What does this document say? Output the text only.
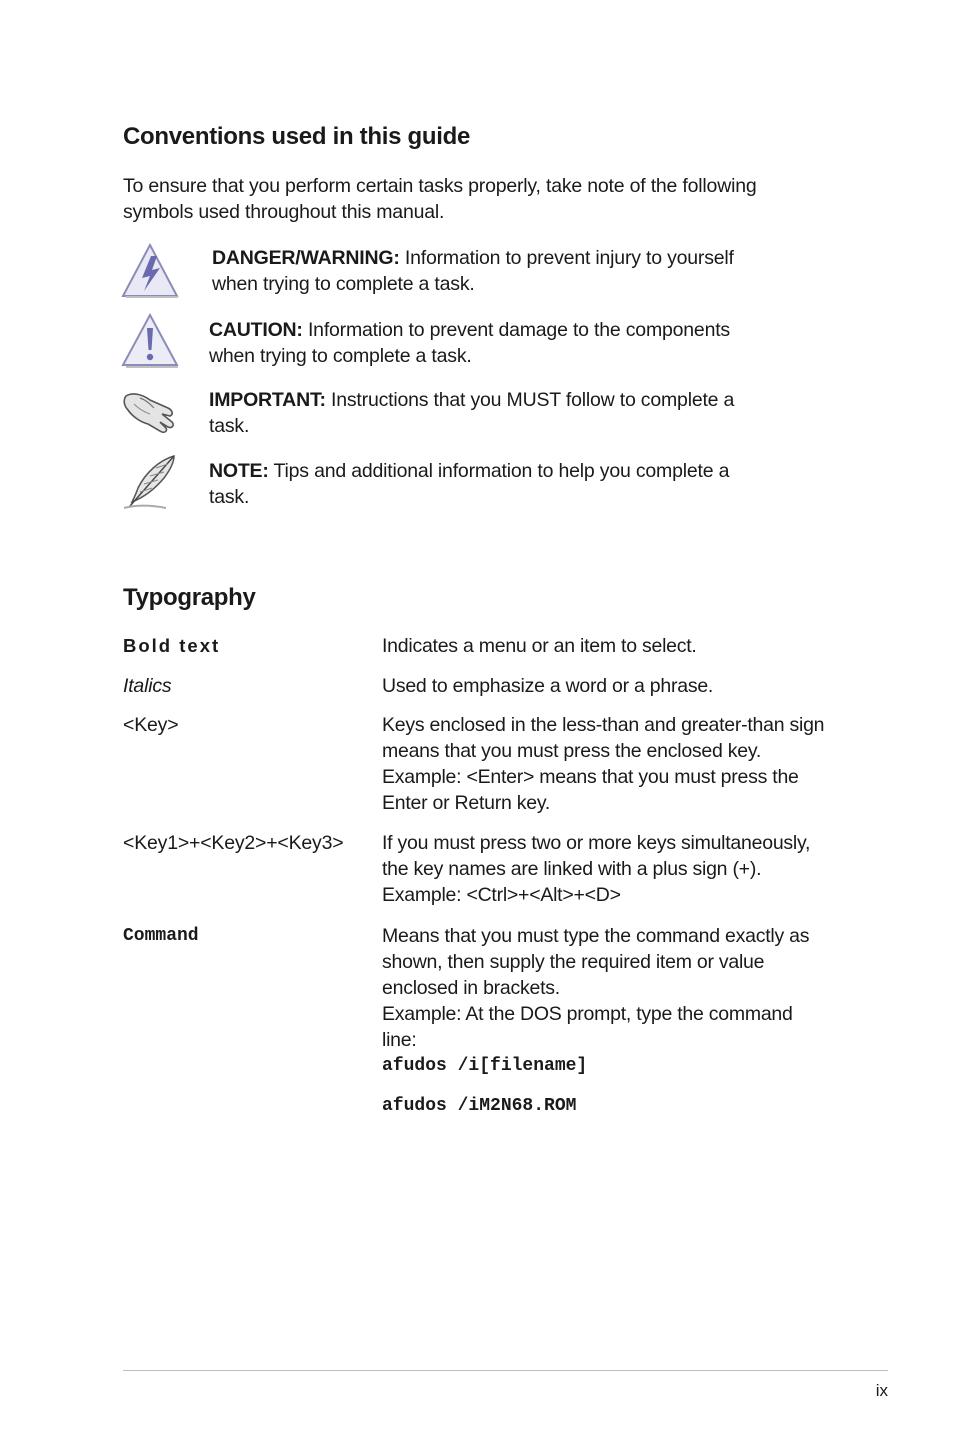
Conventions used in this guide
To ensure that you perform certain tasks properly, take note of the following symbols used throughout this manual.
DANGER/WARNING: Information to prevent injury to yourself when trying to complete a task.
CAUTION: Information to prevent damage to the components when trying to complete a task.
IMPORTANT: Instructions that you MUST follow to complete a task.
NOTE: Tips and additional information to help you complete a task.
Typography
Bold text	Indicates a menu or an item to select.
Italics	Used to emphasize a word or a phrase.
<Key>	Keys enclosed in the less-than and greater-than sign means that you must press the enclosed key. Example: <Enter> means that you must press the Enter or Return key.
<Key1>+<Key2>+<Key3> If you must press two or more keys simultaneously, the key names are linked with a plus sign (+). Example: <Ctrl>+<Alt>+<D>
Command	Means that you must type the command exactly as shown, then supply the required item or value enclosed in brackets.
Example: At the DOS prompt, type the command line:
afudos /i[filename]
afudos /iM2N68.ROM
ix
